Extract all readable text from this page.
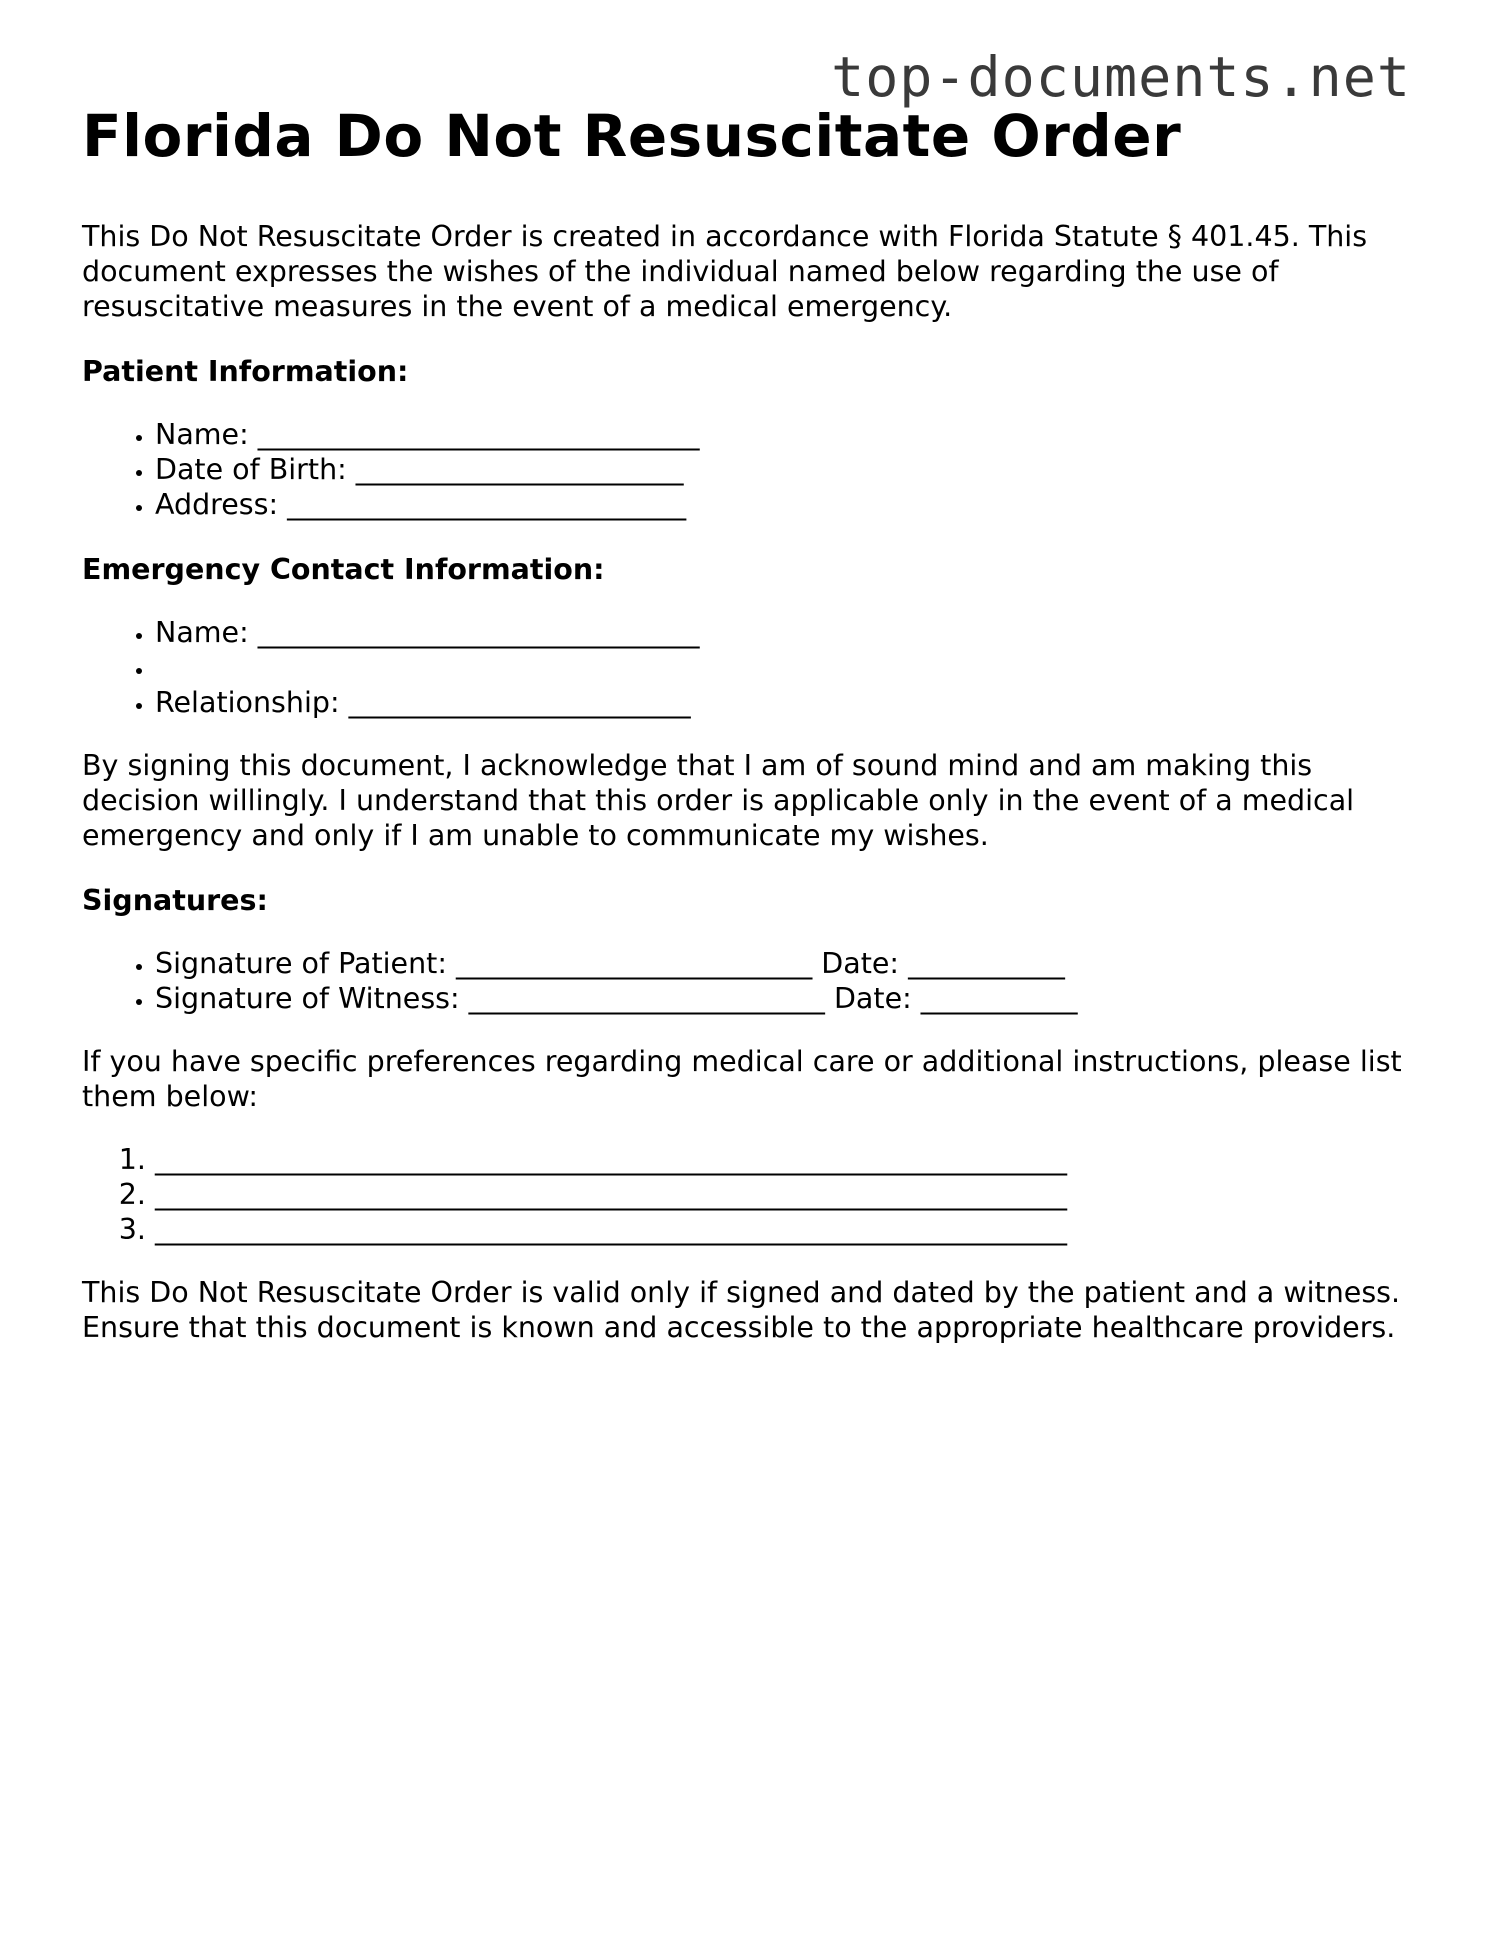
top-documents.net
Florida Do Not Resuscitate Order

This Do Not Resuscitate Order is created in accordance with Florida Statute § 401.45. This document expresses the wishes of the individual named below regarding the use of resuscitative measures in the event of a medical emergency.

Patient Information:
• Name: _______________________________
• Date of Birth: _______________________
• Address: ____________________________
Emergency Contact Information:
• Name: _______________________________
•
• Relationship: ________________________

By signing this document, I acknowledge that I am of sound mind and am making this decision willingly. I understand that this order is applicable only in the event of a medical emergency and only if I am unable to communicate my wishes.

Signatures:
• Signature of Patient: _________________________ Date: ___________
• Signature of Witness: _________________________ Date: ___________

If you have specific preferences regarding medical care or additional instructions, please list them below:

1. ________________________________________________________________
2. ________________________________________________________________
3. ________________________________________________________________

This Do Not Resuscitate Order is valid only if signed and dated by the patient and a witness. Ensure that this document is known and accessible to the appropriate healthcare providers.
